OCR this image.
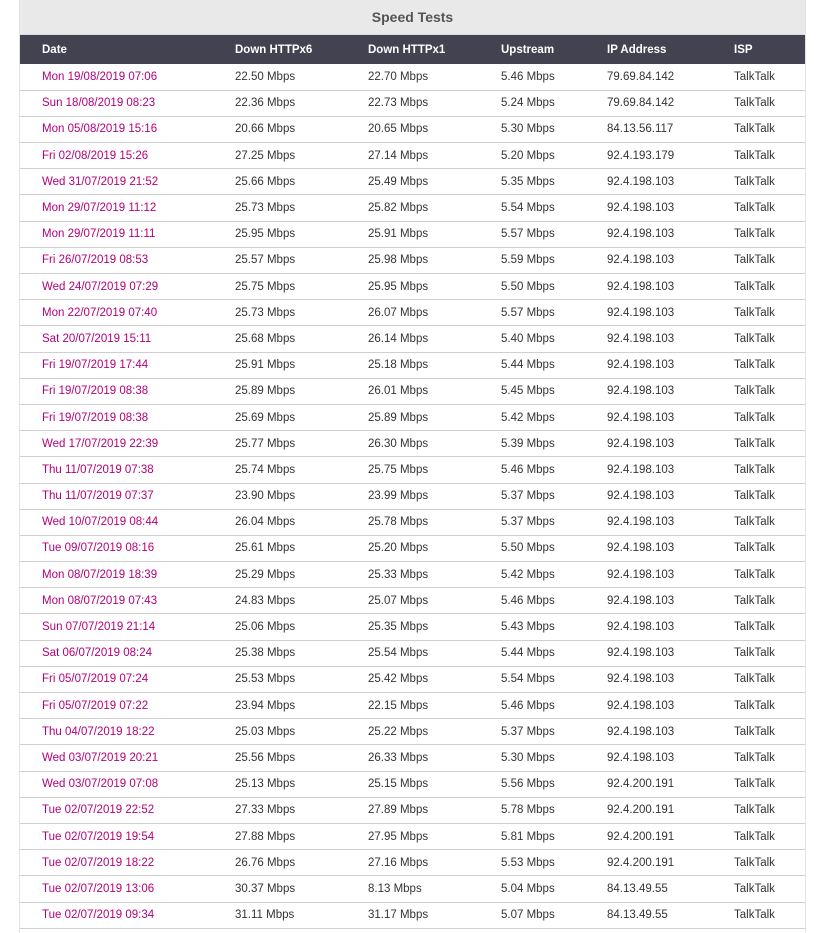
Speed Tests
Date	Down HTTPx6	Down HTTPx1	Upstream	IP Address	ISP
Mon 19/08/2019 07:06	22.50 Mbps	22.70 Mbps	5.46 Mbps	79.69.84.142	TalkTalk
Sun 18/08/2019 08:23	22.36 Mbps	22.73 Mbps	5.24 Mbps	79.69.84.142	TalkTalk
Mon 05/08/2019 15:16	20.66 Mbps	20.65 Mbps	5.30 Mbps	84.13.56.117	TalkTalk
Fri 02/08/2019 15:26	27.25 Mbps	27.14 Mbps	5.20 Mbps	92.4.193.179	TalkTalk
Wed 31/07/2019 21:52	25.66 Mbps	25.49 Mbps	5.35 Mbps	92.4.198.103	TalkTalk
Mon 29/07/2019 11:12	25.73 Mbps	25.82 Mbps	5.54 Mbps	92.4.198.103	TalkTalk
Mon 29/07/2019 11:11	25.95 Mbps	25.91 Mbps	5.57 Mbps	92.4.198.103	TalkTalk
Fri 26/07/2019 08:53	25.57 Mbps	25.98 Mbps	5.59 Mbps	92.4.198.103	TalkTalk
Wed 24/07/2019 07:29	25.75 Mbps	25.95 Mbps	5.50 Mbps	92.4.198.103	TalkTalk
Mon 22/07/2019 07:40	25.73 Mbps	26.07 Mbps	5.57 Mbps	92.4.198.103	TalkTalk
Sat 20/07/2019 15:11	25.68 Mbps	26.14 Mbps	5.40 Mbps	92.4.198.103	TalkTalk
Fri 19/07/2019 17:44	25.91 Mbps	25.18 Mbps	5.44 Mbps	92.4.198.103	TalkTalk
Fri 19/07/2019 08:38	25.89 Mbps	26.01 Mbps	5.45 Mbps	92.4.198.103	TalkTalk
Fri 19/07/2019 08:38	25.69 Mbps	25.89 Mbps	5.42 Mbps	92.4.198.103	TalkTalk
Wed 17/07/2019 22:39	25.77 Mbps	26.30 Mbps	5.39 Mbps	92.4.198.103	TalkTalk
Thu 11/07/2019 07:38	25.74 Mbps	25.75 Mbps	5.46 Mbps	92.4.198.103	TalkTalk
Thu 11/07/2019 07:37	23.90 Mbps	23.99 Mbps	5.37 Mbps	92.4.198.103	TalkTalk
Wed 10/07/2019 08:44	26.04 Mbps	25.78 Mbps	5.37 Mbps	92.4.198.103	TalkTalk
Tue 09/07/2019 08:16	25.61 Mbps	25.20 Mbps	5.50 Mbps	92.4.198.103	TalkTalk
Mon 08/07/2019 18:39	25.29 Mbps	25.33 Mbps	5.42 Mbps	92.4.198.103	TalkTalk
Mon 08/07/2019 07:43	24.83 Mbps	25.07 Mbps	5.46 Mbps	92.4.198.103	TalkTalk
Sun 07/07/2019 21:14	25.06 Mbps	25.35 Mbps	5.43 Mbps	92.4.198.103	TalkTalk
Sat 06/07/2019 08:24	25.38 Mbps	25.54 Mbps	5.44 Mbps	92.4.198.103	TalkTalk
Fri 05/07/2019 07:24	25.53 Mbps	25.42 Mbps	5.54 Mbps	92.4.198.103	TalkTalk
Fri 05/07/2019 07:22	23.94 Mbps	22.15 Mbps	5.46 Mbps	92.4.198.103	TalkTalk
Thu 04/07/2019 18:22	25.03 Mbps	25.22 Mbps	5.37 Mbps	92.4.198.103	TalkTalk
Wed 03/07/2019 20:21	25.56 Mbps	26.33 Mbps	5.30 Mbps	92.4.198.103	TalkTalk
Wed 03/07/2019 07:08	25.13 Mbps	25.15 Mbps	5.56 Mbps	92.4.200.191	TalkTalk
Tue 02/07/2019 22:52	27.33 Mbps	27.89 Mbps	5.78 Mbps	92.4.200.191	TalkTalk
Tue 02/07/2019 19:54	27.88 Mbps	27.95 Mbps	5.81 Mbps	92.4.200.191	TalkTalk
Tue 02/07/2019 18:22	26.76 Mbps	27.16 Mbps	5.53 Mbps	92.4.200.191	TalkTalk
Tue 02/07/2019 13:06	30.37 Mbps	8.13 Mbps	5.04 Mbps	84.13.49.55	TalkTalk
Tue 02/07/2019 09:34	31.11 Mbps	31.17 Mbps	5.07 Mbps	84.13.49.55	TalkTalk
